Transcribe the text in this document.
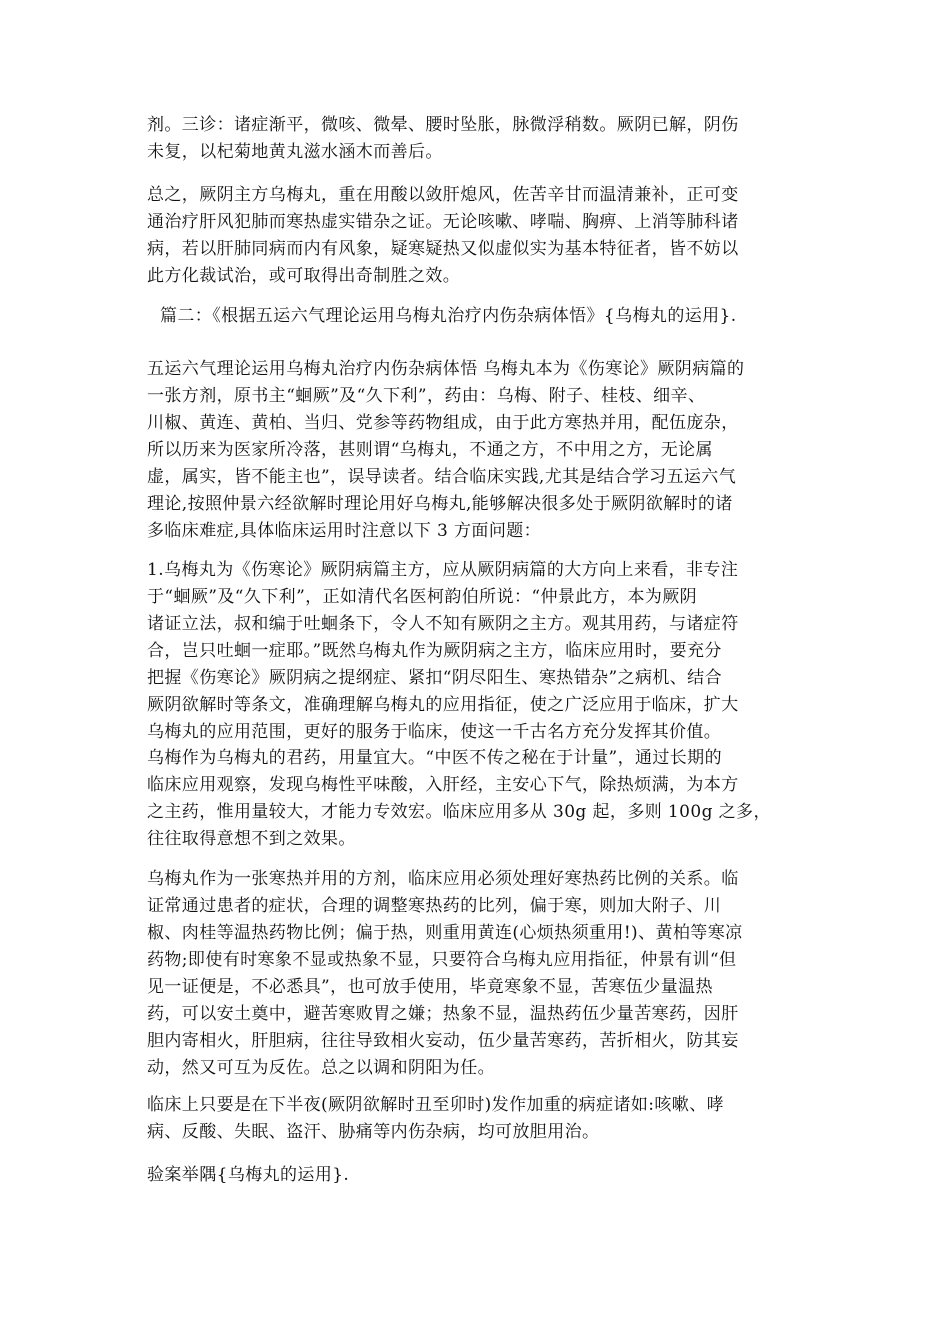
剂。三诊：诸症渐平，微咳、微晕、腰时坠胀，脉微浮稍数。厥阴已解，阴伤
未复，以杞菊地黄丸滋水涵木而善后。

总之，厥阴主方乌梅丸，重在用酸以敛肝熄风，佐苦辛甘而温清兼补，正可变
通治疗肝风犯肺而寒热虚实错杂之证。无论咳嗽、哮喘、胸痹、上消等肺科诸
病，若以肝肺同病而内有风象，疑寒疑热又似虚似实为基本特征者，皆不妨以
此方化裁试治，或可取得出奇制胜之效。

篇二：《根据五运六气理论运用乌梅丸治疗内伤杂病体悟》{乌梅丸的运用}.

五运六气理论运用乌梅丸治疗内伤杂病体悟 乌梅丸本为《伤寒论》厥阴病篇的
一张方剂，原书主“蛔厥”及“久下利”，药由：乌梅、附子、桂枝、细辛、
川椒、黄连、黄柏、当归、党参等药物组成，由于此方寒热并用，配伍庞杂，
所以历来为医家所冷落，甚则谓“乌梅丸，不通之方，不中用之方，无论属
虚，属实，皆不能主也”，误导读者。结合临床实践,尤其是结合学习五运六气
理论,按照仲景六经欲解时理论用好乌梅丸,能够解决很多处于厥阴欲解时的诸
多临床难症,具体临床运用时注意以下 3 方面问题：

1.乌梅丸为《伤寒论》厥阴病篇主方，应从厥阴病篇的大方向上来看，非专注
于“蛔厥”及“久下利”，正如清代名医柯韵伯所说：“仲景此方，本为厥阴
诸证立法，叔和编于吐蛔条下，令人不知有厥阴之主方。观其用药，与诸症符
合，岂只吐蛔一症耶。”既然乌梅丸作为厥阴病之主方，临床应用时，要充分
把握《伤寒论》厥阴病之提纲症、紧扣“阴尽阳生、寒热错杂”之病机、结合
厥阴欲解时等条文，准确理解乌梅丸的应用指征，使之广泛应用于临床，扩大
乌梅丸的应用范围，更好的服务于临床，使这一千古名方充分发挥其价值。

乌梅作为乌梅丸的君药，用量宜大。“中医不传之秘在于计量”，通过长期的
临床应用观察，发现乌梅性平味酸，入肝经，主安心下气，除热烦满，为本方
之主药，惟用量较大，才能力专效宏。临床应用多从 30g 起，多则 100g 之多，
往往取得意想不到之效果。

乌梅丸作为一张寒热并用的方剂，临床应用必须处理好寒热药比例的关系。临
证常通过患者的症状，合理的调整寒热药的比列，偏于寒，则加大附子、川
椒、肉桂等温热药物比例；偏于热，则重用黄连(心烦热须重用!)、黄柏等寒凉
药物;即使有时寒象不显或热象不显，只要符合乌梅丸应用指征，仲景有训“但
见一证便是，不必悉具”，也可放手使用，毕竟寒象不显，苦寒伍少量温热
药，可以安土奠中，避苦寒败胃之嫌；热象不显，温热药伍少量苦寒药，因肝
胆内寄相火，肝胆病，往往导致相火妄动，伍少量苦寒药，苦折相火，防其妄
动，然又可互为反佐。总之以调和阴阳为任。

临床上只要是在下半夜(厥阴欲解时丑至卯时)发作加重的病症诸如:咳嗽、哮
病、反酸、失眠、盗汗、胁痛等内伤杂病，均可放胆用治。

验案举隅{乌梅丸的运用}.
